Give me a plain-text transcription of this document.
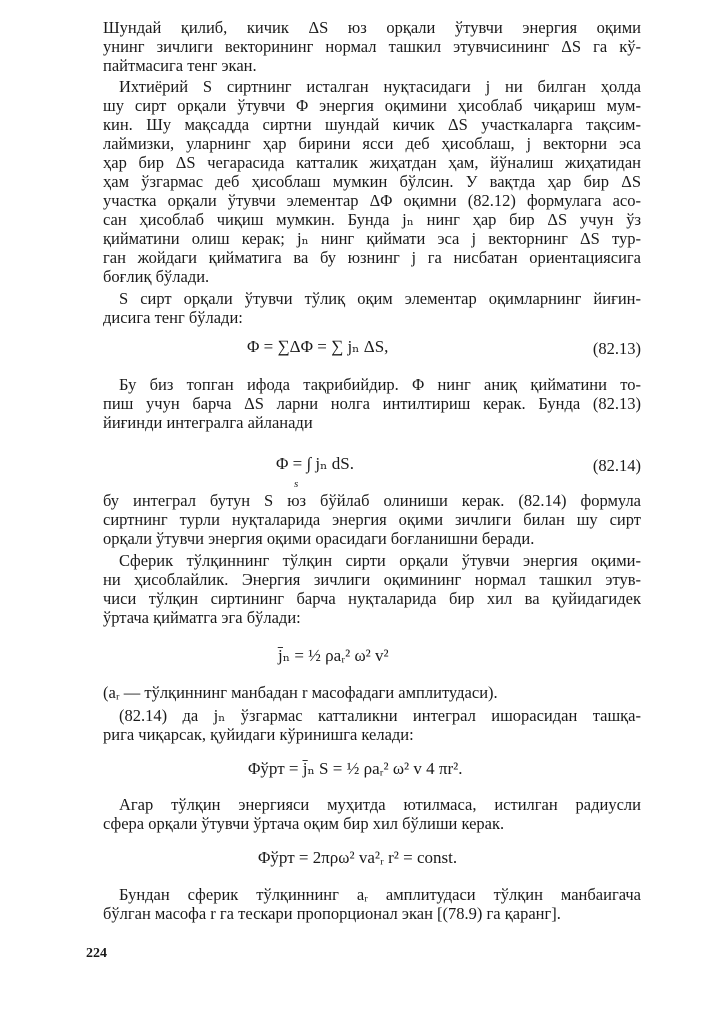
Шундай қилиб, кичик ΔS юз орқали ўтувчи энергия оқими
унинг зичлиги векторининг нормал ташкил этувчисининг ΔS га кў-
пайтмасига тенг экан.
Ихтиёрий S сиртнинг исталган нуқтасидаги j ни билган ҳолда
шу сирт орқали ўтувчи Φ энергия оқимини ҳисоблаб чиқариш мум-
кин. Шу мақсадда сиртни шундай кичик ΔS участкаларга тақсим-
лаймизки, уларнинг ҳар бирини ясси деб ҳисоблаш, j векторни эса
ҳар бир ΔS чегарасида катталик жиҳатдан ҳам, йўналиш жиҳатидан
ҳам ўзгармас деб ҳисоблаш мумкин бўлсин. У вақтда ҳар бир ΔS
участка орқали ўтувчи элементар ΔΦ оқимни (82.12) формулага асо-
сан ҳисоблаб чиқиш мумкин. Бунда jₙ нинг ҳар бир ΔS учун ўз
қийматини олиш керак; jₙ нинг қиймати эса j векторнинг ΔS тур-
ган жойдаги қийматига ва бу юзнинг j га нисбатан ориентациясига
боғлиқ бўлади.
S сирт орқали ўтувчи тўлиқ оқим элементар оқимларнинг йиғин-
дисига тенг бўлади:
Φ = ∑ΔΦ = ∑ jₙ ΔS,	(82.13)
Бу биз топган ифода тақрибийдир. Φ нинг аниқ қийматини то-
пиш учун барча ΔS ларни нолга интилтириш керак. Бунда (82.13)
йиғинди интегралга айланади
Φ = ∫ jₙ dS.
s
(82.14)
бу интеграл бутун S юз бўйлаб олиниши керак. (82.14) формула
сиртнинг турли нуқталарида энергия оқими зичлиги билан шу сирт
орқали ўтувчи энергия оқими орасидаги боғланишни беради.
Сферик тўлқиннинг тўлқин сирти орқали ўтувчи энергия оқими-
ни ҳисоблайлик. Энергия зичлиги оқимининг нормал ташкил этув-
чиси тўлқин сиртининг барча нуқталарида бир хил ва қуйидагидек
ўртача қийматга эга бўлади:
j̄ₙ = ½ ρaᵣ² ω² v²
(aᵣ — тўлқиннинг манбадан r масофадаги амплитудаси).
(82.14) да jₙ ўзгармас катталикни интеграл ишорасидан ташқа-
рига чиқарсак, қуйидаги кўринишга келади:
Φўрт = j̄ₙ S = ½ ρaᵣ² ω² v 4 πr².
Агар тўлқин энергияси муҳитда ютилмаса, истилган радиусли
сфера орқали ўтувчи ўртача оқим бир хил бўлиши керак.
Φўрт = 2πρω² va²ᵣ r² = const.
Бундан сферик тўлқиннинг aᵣ амплитудаси тўлқин манбаигача
бўлган масофа r га тескари пропорционал экан [(78.9) га қаранг].
224
